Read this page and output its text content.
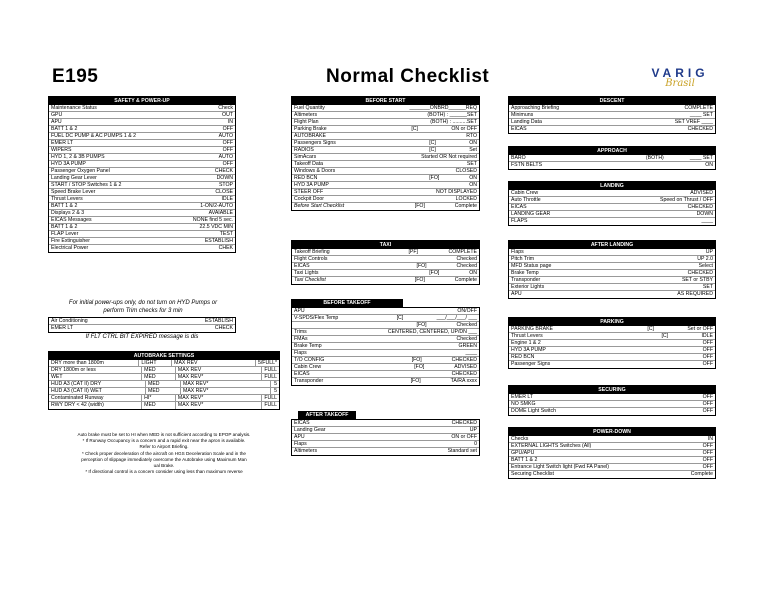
E195	Normal Checklist	VARIG
Brasil
SAFETY & POWER-UP
Maintenance Status	Check
GPU	OUT
APU	IN
BATT 1 & 2	OFF
FUEL DC PUMP & AC PUMPS 1 & 2	AUTO
EMER LT	OFF
WIPERS	OFF
HYD 1, 2 & 3B PUMPS	AUTO
HYD 3A PUMP	OFF
Passenger Oxygen Panel	CHECK
Landing Gear Lever	DOWN
START / STOP Switches 1 & 2	STOP
Speed Brake Lever	CLOSE
Thrust Levers	IDLE
BATT 1 & 2	1-ON/2-AUTO
Displays 2 & 3	AVAIABLE
EICAS Messages	NONE find 5 sec.
BATT 1 & 2	22.5 VDC MIN
FLAP Lever	TEST
Fire Extinguisher	ESTABLISH
Electrical Power	CHEK
For initial power-ups only, do not turn on HYD Pumps or perform Trim checks for 3 min
Air Conditioning	ESTABLISH
EMER LT	CHECK
If FLT CTRL BIT EXPIRED message is dis
AUTOBRAKE SETTINGS
DRY more than 1800m	LIGHT	MAX REV	5/FULL*
DRY 1800m or less	MED	MAX REV	FULL
WET	MED	MAX REV*	FULL
HUD A3 (CAT II) DRY	MED	MAX REV*	5
HUD A3 (CAT II) WET	MED	MAX REV*	5
Contaminated Runway	HI*	MAX REV*	FULL
RWY DRY < 42 (width)	MED	MAX REV*	FULL
Auto brake must be set to HI when MED is not sufficient according to EPOP analysis.
* If Runway Occupancy is a concern and a rapid exit near the apron is available.
Refer to Airport Briefing.
* Check proper deceleration of the aircraft on HGS Deceleration Scale and in the
perception of slippage immediately overcome the Autobrake using Maximum Man
ual Brake.
* If directional control is a concern consider using less than maximum reverse
BEFORE START
Fuel Quantity	_______ONBRD______REQ
Altimeters	(BOTH) : ______SET
Flight Plan	(BOTH) : ..........SET
Parking Brake	[C]	ON or OFF
AUTOBRAKE	RTO
Passengers Signs	[C]	ON
RADIOS	[C]	Set
SimAcars	Started OR Not required
Takeoff Data	SET
Windows & Doors	CLOSED
RED BCN	[FO]	ON
HYD 3A PUMP	ON
STEER OFF	NOT DISPLAYED
Cockpit Door	LOCKED
Before Start Checklist	[FO]	Complete
TAXI
Takeoff Briefing	[PF]	COMPLETE
Flight Controls	Checked
EICAS	[FO]	Checked
Taxi Lights	[FO]	ON
Taxi Checklist	[FO]	Complete
BEFORE TAKEOFF
APU	ON/OFF
V-SPDS/Flex Temp	[C]	___/___/___/ ___
[FO]	Checked
Trims	CENTERED, CENTERED, UP/DN ___
FMAs	Checked
Brake Temp	GREEN
Flaps	____
T/O CONFIG	[FO]	CHECKED
Cabin Crew	[FO]	ADVISED
EICAS	CHECKED
Transponder	[FO]	TA/RA xxxx
AFTER TAKEOFF
EICAS	CHECKED
Landing Gear	UP
APU	ON or OFF
Flaps	0
Altimeters	Standard set
DESCENT
Approaching Briefing	COMPLETE
Minimuns	____ SET
Landing Data	SET VREF ____
EICAS	CHECKED
APPROACH
BARO	(BOTH)	____ SET
FSTN BELTS	ON
LANDING
Cabin Crew	ADVISED
Auto Throttle	Speed on Thrust / OFF
EICAS	CHECKED
LANDING GEAR	DOWN
FLAPS	____
AFTER LANDING
Flaps	UP
Pitch Trim	UP 2.0
MFD Status page	Select
Brake Temp	CHECKED
Transponder	SET or STBY
Exterior Lights	SET
APU	AS REQUIRED
PARKING
PARKING BRAKE	[C]	Set or OFF
Thrust Levers	[C]	IDLE
Engine 1 & 2	OFF
HYD 3A PUMP	OFF
RED BCN	OFF
Passenger Signs	OFF
SECURING
EMER LT	OFF
NO SMKG	OFF
DOME Light Switch	OFF
POWER-DOWN
Checks	IN
EXTERNAL LIGHTS Switches (All)	OFF
GPU/APU	OFF
BATT 1 & 2	OFF
Entrance Light Switch light (Fwd FA Panel)	OFF
Securing Checklist	Complete
